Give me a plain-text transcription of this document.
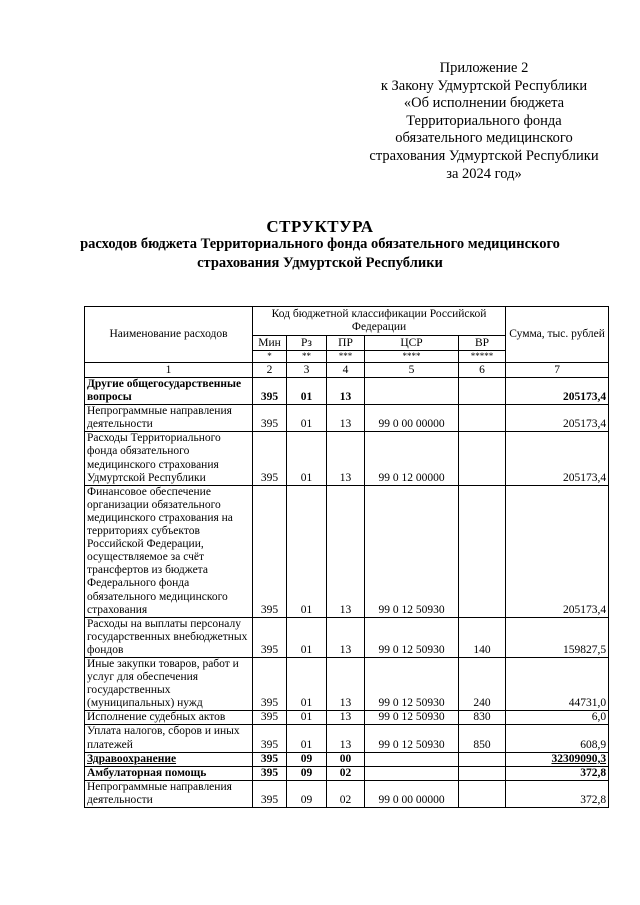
Приложение 2
к Закону Удмуртской Республики
«Об исполнении бюджета
Территориального фонда
обязательного медицинского
страхования Удмуртской Республики
за 2024 год»
СТРУКТУРА
расходов бюджета Территориального фонда обязательного медицинского
страхования Удмуртской Республики
Наименование расходов	Код бюджетной классификации Российской Федерации					Сумма, тыс. рублей
	Мин	Рз	ПР	ЦСР	ВР	
	*	**	***	****	*****	
1	2	3	4	5	6	7
Другие общегосударственные вопросы	395	01	13			205173,4
Непрограммные направления деятельности	395	01	13	99 0 00 00000		205173,4
Расходы Территориального фонда обязательного медицинского страхования Удмуртской Республики	395	01	13	99 0 12 00000		205173,4
Финансовое обеспечение организации обязательного медицинского страхования на территориях субъектов Российской Федерации, осуществляемое за счёт трансфертов из бюджета Федерального фонда обязательного медицинского страхования	395	01	13	99 0 12 50930		205173,4
Расходы на выплаты персоналу государственных внебюджетных фондов	395	01	13	99 0 12 50930	140	159827,5
Иные закупки товаров, работ и услуг для обеспечения государственных (муниципальных) нужд	395	01	13	99 0 12 50930	240	44731,0
Исполнение судебных актов	395	01	13	99 0 12 50930	830	6,0
Уплата налогов, сборов и иных платежей	395	01	13	99 0 12 50930	850	608,9
Здравоохранение	395	09	00			32309090,3
Амбулаторная помощь	395	09	02			372,8
Непрограммные направления деятельности	395	09	02	99 0 00 00000		372,8
